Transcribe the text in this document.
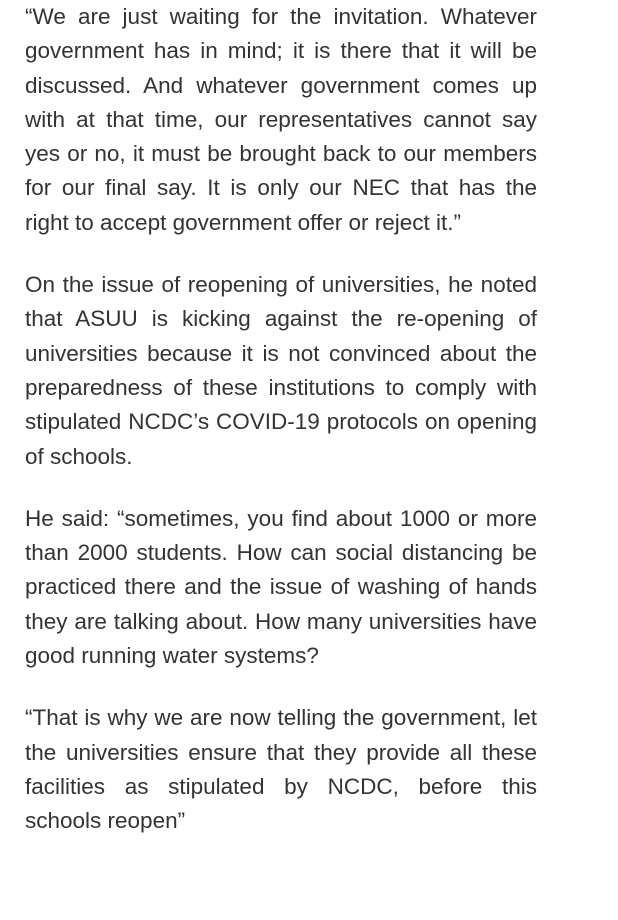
“We are just waiting for the invitation. Whatever government has in mind; it is there that it will be discussed. And whatever government comes up with at that time, our representatives cannot say yes or no, it must be brought back to our members for our final say. It is only our NEC that has the right to accept government offer or reject it.”

On the issue of reopening of universities, he noted that ASUU is kicking against the re-opening of universities because it is not convinced about the preparedness of these institutions to comply with stipulated NCDC’s COVID-19 protocols on opening of schools.

He said: “sometimes, you find about 1000 or more than 2000 students. How can social distancing be practiced there and the issue of washing of hands they are talking about. How many universities have good running water systems?

“That is why we are now telling the government, let the universities ensure that they provide all these facilities as stipulated by NCDC, before this schools reopen”
